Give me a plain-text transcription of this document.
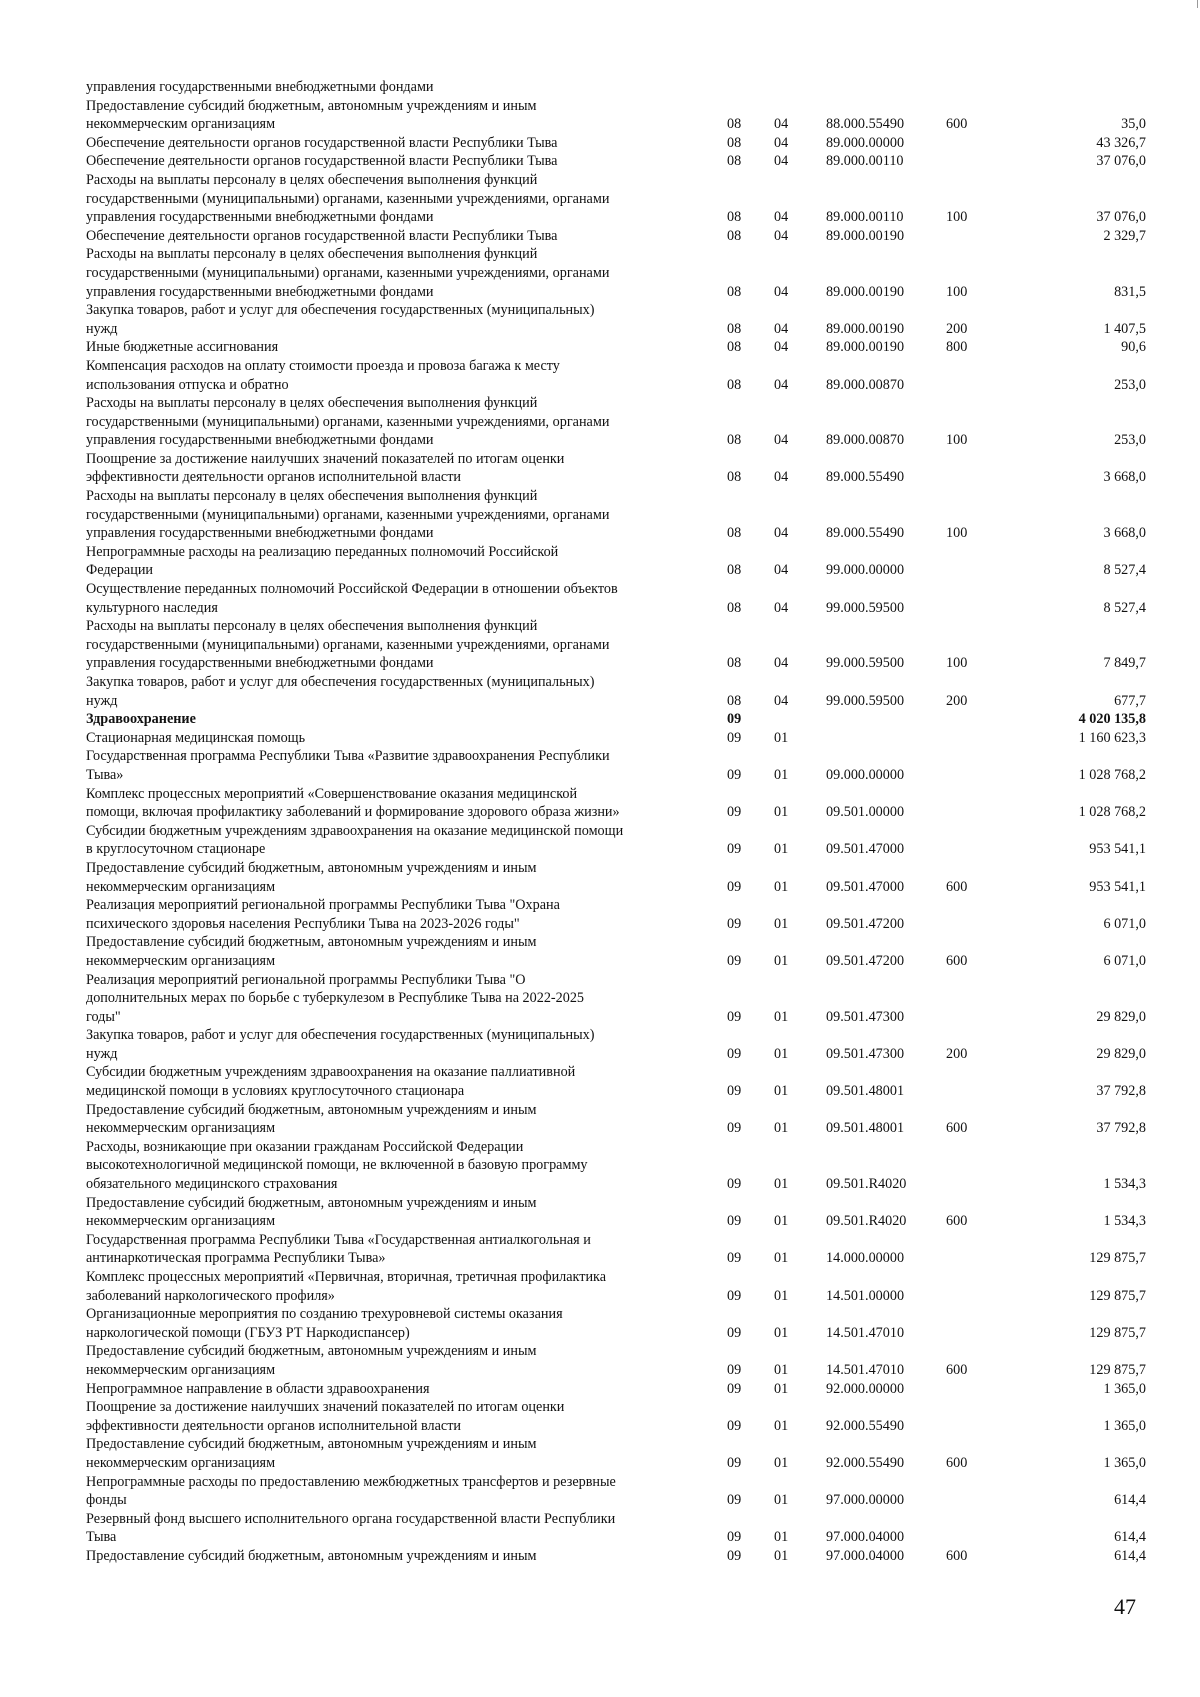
управления государственными внебюджетными фондами
Предоставление субсидий бюджетным, автономным учреждениям и иным
некоммерческим организациям	08 04	88.000.55490	600	35,0
Обеспечение деятельности органов государственной власти Республики Тыва	08 04	89.000.00000	43 326,7
Обеспечение деятельности органов государственной власти Республики Тыва	08 04	89.000.00110	37 076,0
Расходы на выплаты персоналу в целях обеспечения выполнения функций
государственными (муниципальными) органами, казенными учреждениями, органами
управления государственными внебюджетными фондами	08 04	89.000.00110	100	37 076,0
Обеспечение деятельности органов государственной власти Республики Тыва	08 04	89.000.00190	2 329,7
Расходы на выплаты персоналу в целях обеспечения выполнения функций
государственными (муниципальными) органами, казенными учреждениями, органами
управления государственными внебюджетными фондами	08 04	89.000.00190	100	831,5
Закупка товаров, работ и услуг для обеспечения государственных (муниципальных)
нужд	08 04	89.000.00190	200	1 407,5
Иные бюджетные ассигнования	08 04	89.000.00190	800	90,6
Компенсация расходов на оплату стоимости проезда и провоза багажа к месту
использования отпуска и обратно	08 04	89.000.00870	253,0
Расходы на выплаты персоналу в целях обеспечения выполнения функций
государственными (муниципальными) органами, казенными учреждениями, органами
управления государственными внебюджетными фондами	08 04	89.000.00870	100	253,0
Поощрение за достижение наилучших значений показателей по итогам оценки
эффективности деятельности органов исполнительной власти	08 04	89.000.55490	3 668,0
Расходы на выплаты персоналу в целях обеспечения выполнения функций
государственными (муниципальными) органами, казенными учреждениями, органами
управления государственными внебюджетными фондами	08 04	89.000.55490	100	3 668,0
Непрограммные расходы на реализацию переданных полномочий Российской
Федерации	08 04	99.000.00000	8 527,4
Осуществление переданных полномочий Российской Федерации в отношении объектов
культурного наследия	08 04	99.000.59500	8 527,4
Расходы на выплаты персоналу в целях обеспечения выполнения функций
государственными (муниципальными) органами, казенными учреждениями, органами
управления государственными внебюджетными фондами	08 04	99.000.59500	100	7 849,7
Закупка товаров, работ и услуг для обеспечения государственных (муниципальных)
нужд	08 04	99.000.59500	200	677,7
Здравоохранение	09	4 020 135,8
Стационарная медицинская помощь	09 01	1 160 623,3
Государственная программа Республики Тыва «Развитие здравоохранения Республики
Тыва»	09 01	09.000.00000	1 028 768,2
Комплекс процессных мероприятий «Совершенствование оказания медицинской
помощи, включая профилактику заболеваний и формирование здорового образа жизни»	09 01	09.501.00000	1 028 768,2
Субсидии бюджетным учреждениям здравоохранения на оказание медицинской помощи
в круглосуточном стационаре	09 01	09.501.47000	953 541,1
Предоставление субсидий бюджетным, автономным учреждениям и иным
некоммерческим организациям	09 01	09.501.47000	600	953 541,1
Реализация мероприятий региональной программы Республики Тыва "Охрана
психического здоровья населения Республики Тыва на 2023-2026 годы"	09 01	09.501.47200	6 071,0
Предоставление субсидий бюджетным, автономным учреждениям и иным
некоммерческим организациям	09 01	09.501.47200	600	6 071,0
Реализация мероприятий региональной программы Республики Тыва "О
дополнительных мерах по борьбе с туберкулезом в Республике Тыва на 2022-2025
годы"	09 01	09.501.47300	29 829,0
Закупка товаров, работ и услуг для обеспечения государственных (муниципальных)
нужд	09 01	09.501.47300	200	29 829,0
Субсидии бюджетным учреждениям здравоохранения на оказание паллиативной
медицинской помощи в условиях круглосуточного стационара	09 01	09.501.48001	37 792,8
Предоставление субсидий бюджетным, автономным учреждениям и иным
некоммерческим организациям	09 01	09.501.48001	600	37 792,8
Расходы, возникающие при оказании гражданам Российской Федерации
высокотехнологичной медицинской помощи, не включенной в базовую программу
обязательного медицинского страхования	09 01	09.501.R4020	1 534,3
Предоставление субсидий бюджетным, автономным учреждениям и иным
некоммерческим организациям	09 01	09.501.R4020	600	1 534,3
Государственная программа Республики Тыва «Государственная антиалкогольная и
антинаркотическая программа Республики Тыва»	09 01	14.000.00000	129 875,7
Комплекс процессных мероприятий «Первичная, вторичная, третичная профилактика
заболеваний наркологического профиля»	09 01	14.501.00000	129 875,7
Организационные мероприятия по созданию трехуровневой системы оказания
наркологической помощи (ГБУЗ РТ Наркодиспансер)	09 01	14.501.47010	129 875,7
Предоставление субсидий бюджетным, автономным учреждениям и иным
некоммерческим организациям	09 01	14.501.47010	600	129 875,7
Непрограммное направление в области здравоохранения	09 01	92.000.00000	1 365,0
Поощрение за достижение наилучших значений показателей по итогам оценки
эффективности деятельности органов исполнительной власти	09 01	92.000.55490	1 365,0
Предоставление субсидий бюджетным, автономным учреждениям и иным
некоммерческим организациям	09 01	92.000.55490	600	1 365,0
Непрограммные расходы по предоставлению межбюджетных трансфертов и резервные
фонды	09 01	97.000.00000	614,4
Резервный фонд высшего исполнительного органа государственной власти Республики
Тыва	09 01	97.000.04000	614,4
Предоставление субсидий бюджетным, автономным учреждениям и иным	09 01	97.000.04000	600	614,4
47
